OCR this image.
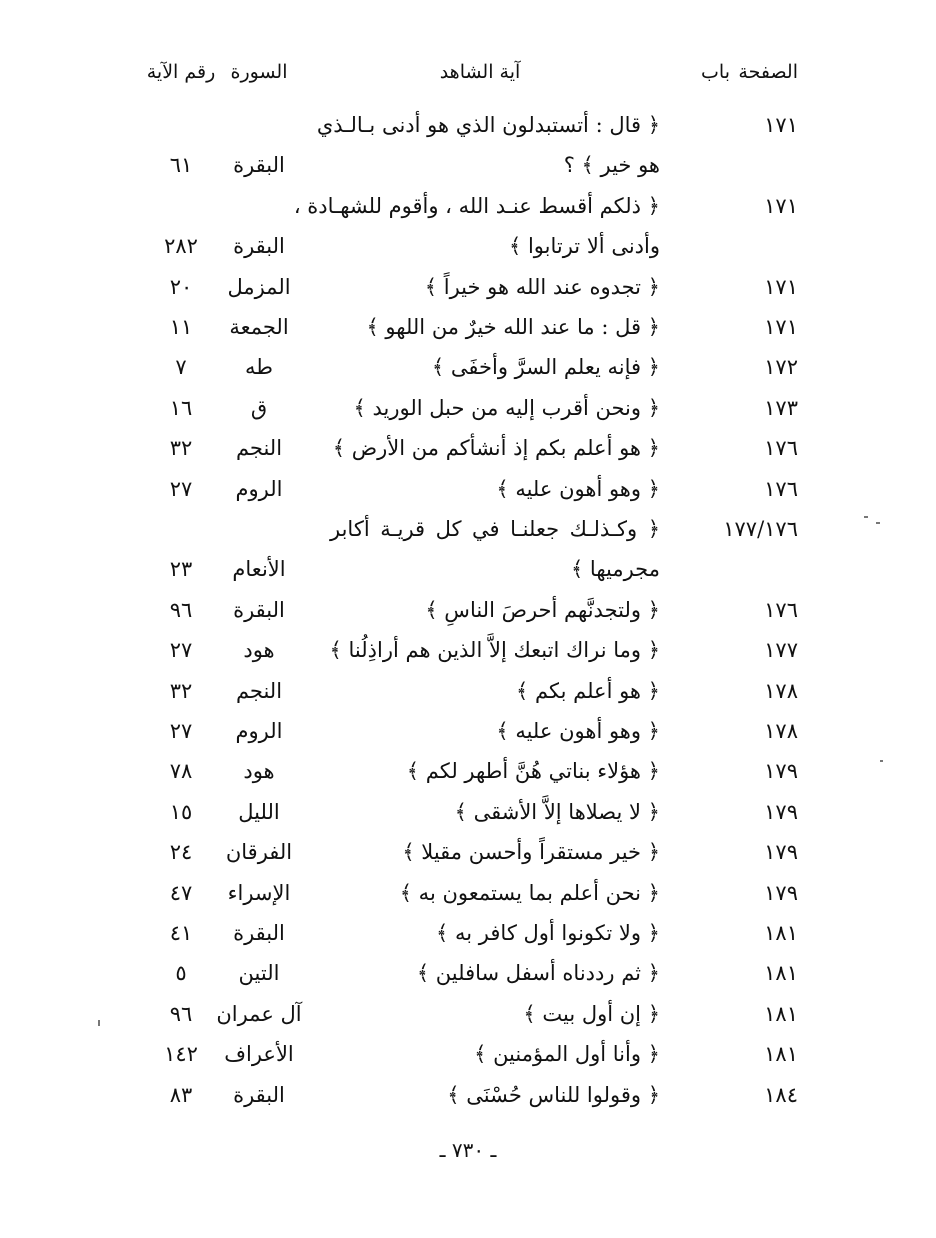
الصفحة
باب
آية الشاهد
السورة
رقم الآية
١٧١
﴿ قال : أتستبدلون الذي هو أدنى بـالـذي
هو خير ﴾ ؟
البقرة
٦١
١٧١
﴿ ذلكم أقسط عنـد الله ، وأقوم للشهـادة ،
وأدنى ألا ترتابوا ﴾
البقرة
٢٨٢
١٧١
﴿ تجدوه عند الله هو خيراً ﴾
المزمل
٢٠
١٧١
﴿ قل : ما عند الله خيرٌ من اللهو ﴾
الجمعة
١١
١٧٢
﴿ فإنه يعلم السرَّ وأخفَى ﴾
طه
٧
١٧٣
﴿ ونحن أقرب إليه من حبل الوريد ﴾
ق
١٦
١٧٦
﴿ هو أعلم بكم إذ أنشأكم من الأرض ﴾
النجم
٣٢
١٧٦
﴿ وهو أهون عليه ﴾
الروم
٢٧
١٧٧/١٧٦
﴿ وكـذلـك جعلنـا في كل قريـة أكابر
مجرميها ﴾
الأنعام
٢٣
١٧٦
﴿ ولتجدنَّهم أحرصَ الناسِ ﴾
البقرة
٩٦
١٧٧
﴿ وما نراك اتبعك إلاَّ الذين هم أراذِلُنا ﴾
هود
٢٧
١٧٨
﴿ هو أعلم بكم ﴾
النجم
٣٢
١٧٨
﴿ وهو أهون عليه ﴾
الروم
٢٧
١٧٩
﴿ هؤلاء بناتي هُنَّ أطهر لكم ﴾
هود
٧٨
١٧٩
﴿ لا يصلاها إلاَّ الأشقى ﴾
الليل
١٥
١٧٩
﴿ خير مستقراً وأحسن مقيلا ﴾
الفرقان
٢٤
١٧٩
﴿ نحن أعلم بما يستمعون به ﴾
الإسراء
٤٧
١٨١
﴿ ولا تكونوا أول كافر به ﴾
البقرة
٤١
١٨١
﴿ ثم رددناه أسفل سافلين ﴾
التين
٥
١٨١
﴿ إن أول بيت ﴾
آل عمران
٩٦
١٨١
﴿ وأنا أول المؤمنين ﴾
الأعراف
١٤٢
١٨٤
﴿ وقولوا للناس حُسْنَى ﴾
البقرة
٨٣
ـ ٧٣٠ ـ
